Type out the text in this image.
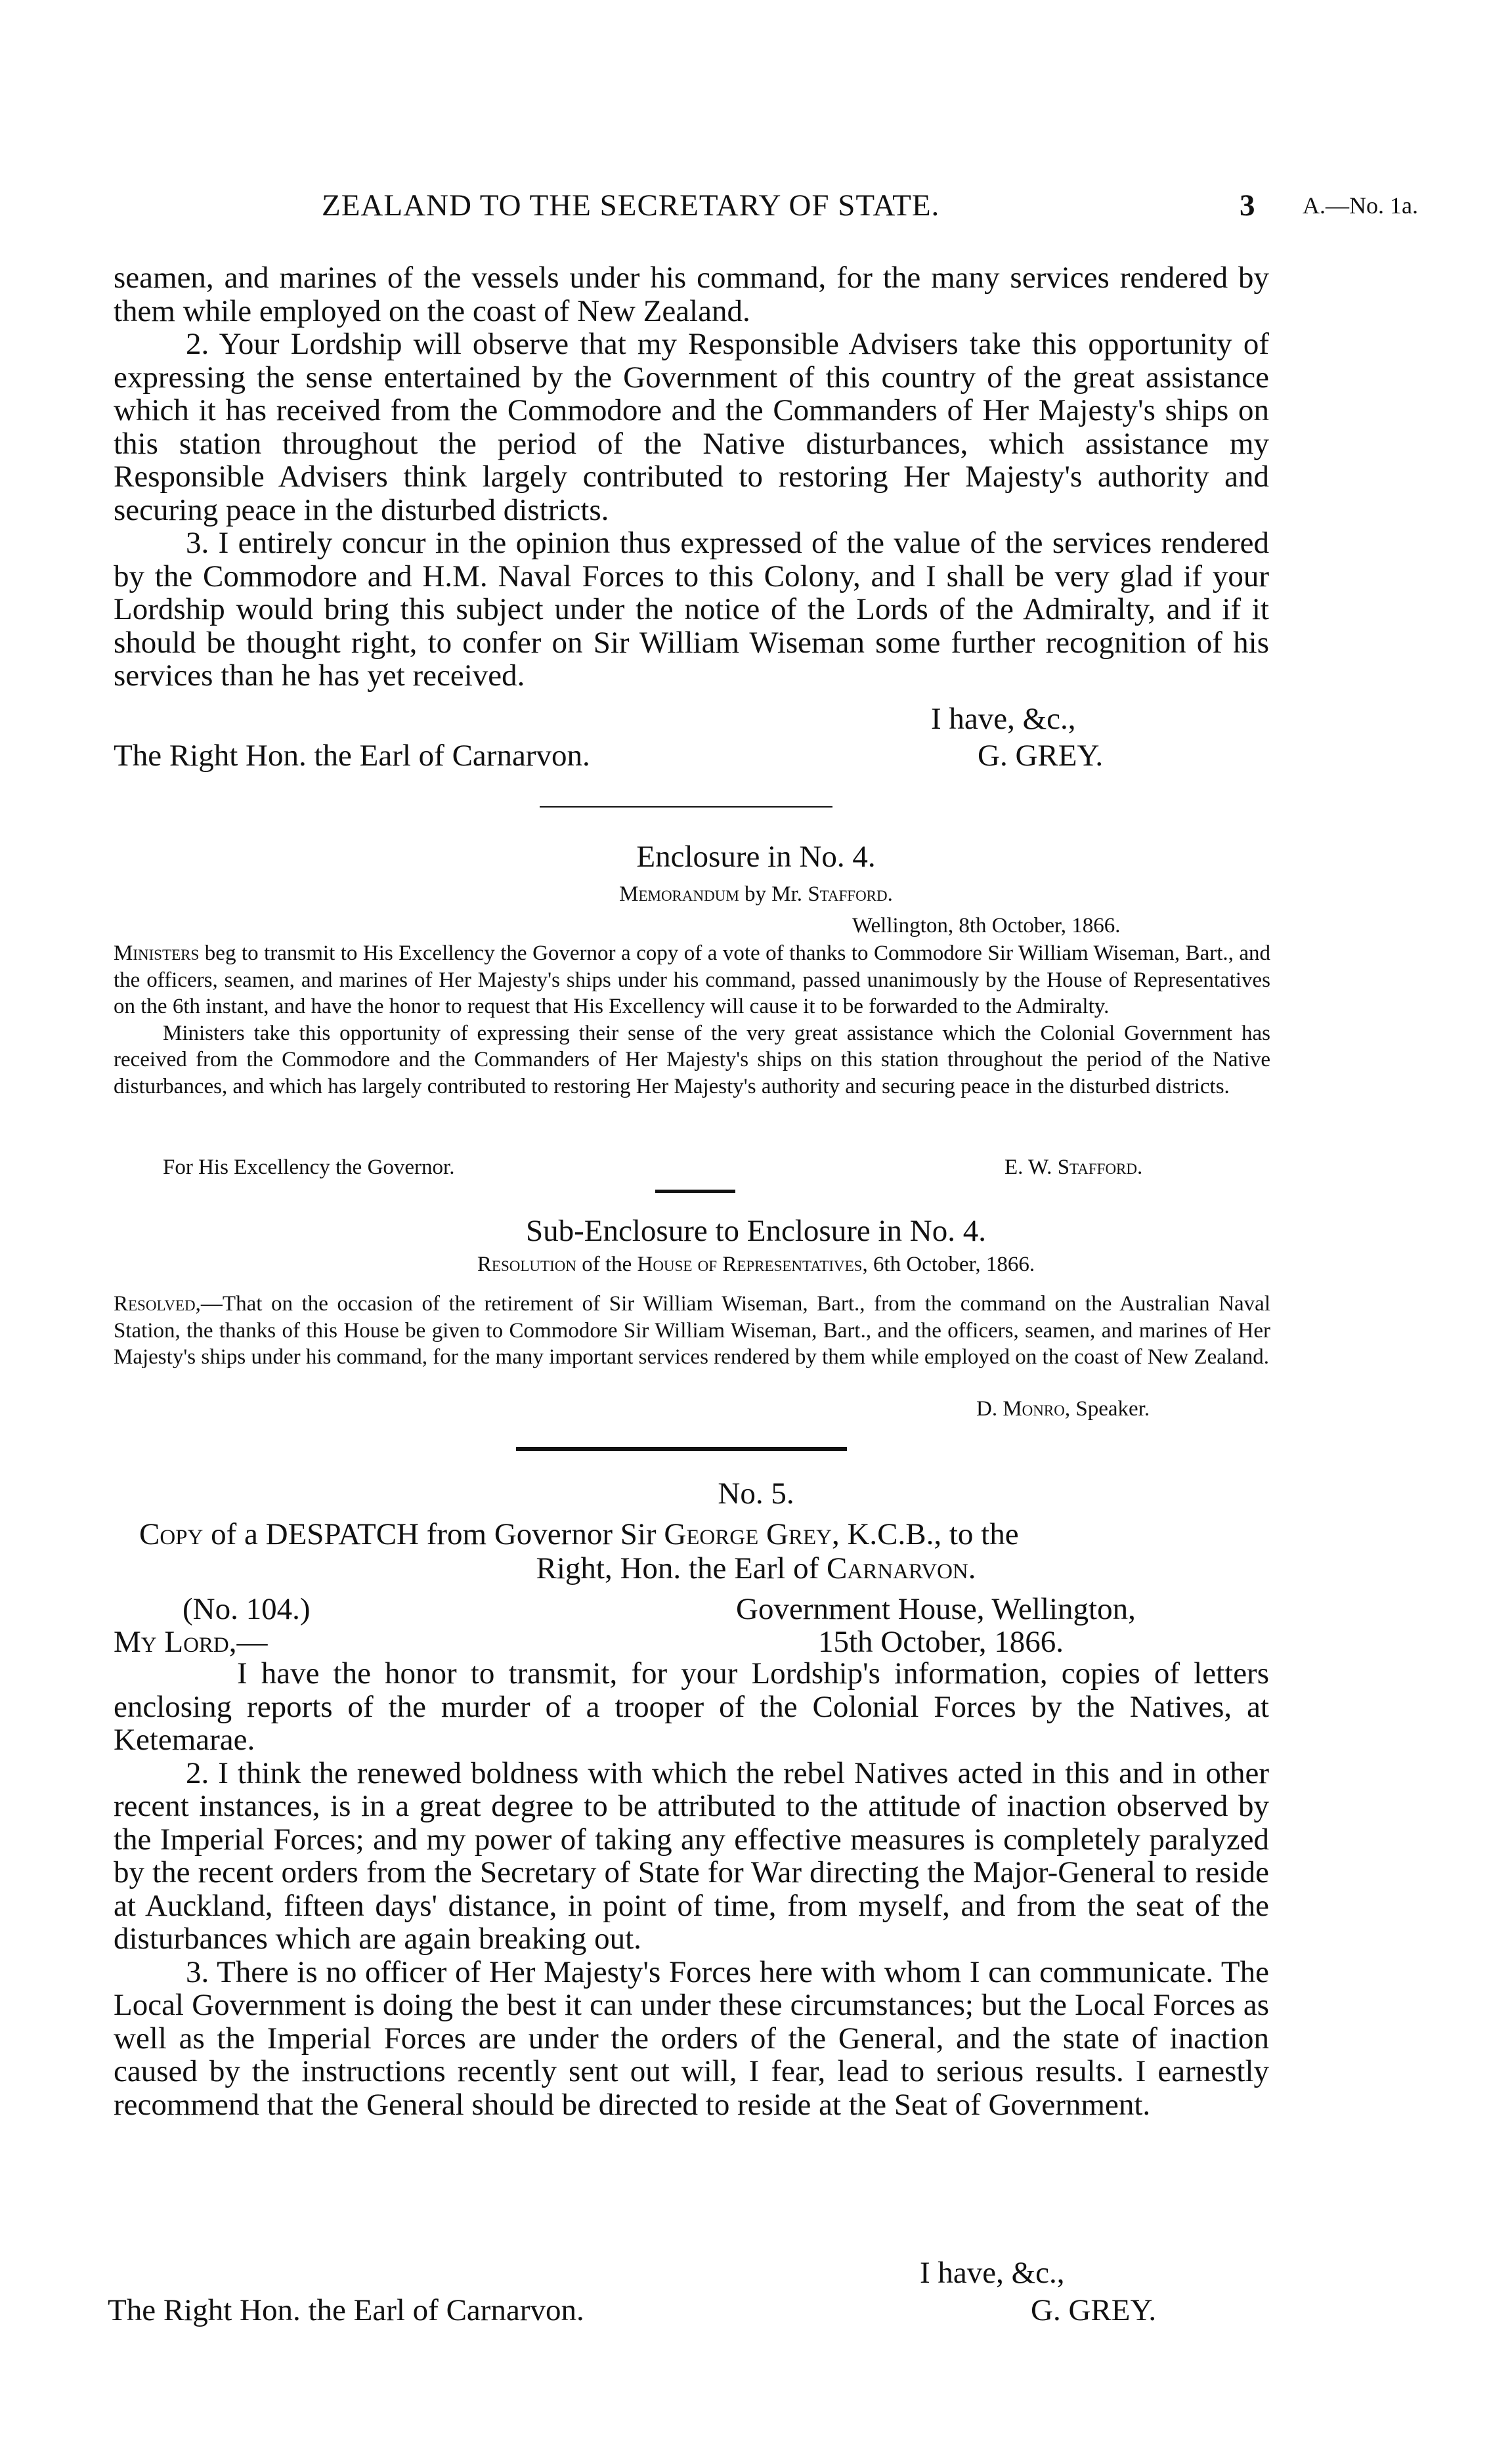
ZEALAND TO THE SECRETARY OF STATE.	3 A.—No. 1a.

seamen, and marines of the vessels under his command, for the many services rendered by them while employed on the coast of New Zealand.

2. Your Lordship will observe that my Responsible Advisers take this opportunity of expressing the sense entertained by the Government of this country of the great assistance which it has received from the Commodore and the Commanders of Her Majesty's ships on this station throughout the period of the Native disturbances, which assistance my Responsible Advisers think largely contributed to restoring Her Majesty's authority and securing peace in the disturbed districts.

3. I entirely concur in the opinion thus expressed of the value of the services rendered by the Commodore and H.M. Naval Forces to this Colony, and I shall be very glad if your Lordship would bring this subject under the notice of the Lords of the Admiralty, and if it should be thought right, to confer on Sir William Wiseman some further recognition of his services than he has yet received.

I have, &c.,
The Right Hon. the Earl of Carnarvon.	G. GREY.
Enclosure in No. 4.
Memorandum by Mr. Stafford.
Wellington, 8th October, 1866.

Ministers beg to transmit to His Excellency the Governor a copy of a vote of thanks to Commodore Sir William Wiseman, Bart., and the officers, seamen, and marines of Her Majesty's ships under his command, passed unanimously by the House of Representatives on the 6th instant, and have the honor to request that His Excellency will cause it to be forwarded to the Admiralty.

Ministers take this opportunity of expressing their sense of the very great assistance which the Colonial Government has received from the Commodore and the Commanders of Her Majesty's ships on this station throughout the period of the Native disturbances, and which has largely contributed to restoring Her Majesty's authority and securing peace in the disturbed districts.

For His Excellency the Governor.	E. W. Stafford.
Sub-Enclosure to Enclosure in No. 4.
Resolution of the House of Representatives, 6th October, 1866.

Resolved,—That on the occasion of the retirement of Sir William Wiseman, Bart., from the command on the Australian Naval Station, the thanks of this House be given to Commodore Sir William Wiseman, Bart., and the officers, seamen, and marines of Her Majesty's ships under his command, for the many important services rendered by them while employed on the coast of New Zealand.

D. Monro, Speaker.
No. 5.
Copy of a DESPATCH from Governor Sir George Grey, K.C.B., to the
Right, Hon. the Earl of Carnarvon.
(No. 104.)	Government House, Wellington,
My Lord,—	15th October, 1866.

I have the honor to transmit, for your Lordship's information, copies of letters enclosing reports of the murder of a trooper of the Colonial Forces by the Natives, at Ketemarae.

2. I think the renewed boldness with which the rebel Natives acted in this and in other recent instances, is in a great degree to be attributed to the attitude of inaction observed by the Imperial Forces; and my power of taking any effective measures is completely paralyzed by the recent orders from the Secretary of State for War directing the Major-General to reside at Auckland, fifteen days' distance, in point of time, from myself, and from the seat of the disturbances which are again breaking out.

3. There is no officer of Her Majesty's Forces here with whom I can communicate. The Local Government is doing the best it can under these circumstances; but the Local Forces as well as the Imperial Forces are under the orders of the General, and the state of inaction caused by the instructions recently sent out will, I fear, lead to serious results. I earnestly recommend that the General should be directed to reside at the Seat of Government.

I have, &c.,
The Right Hon. the Earl of Carnarvon.	G. GREY.
